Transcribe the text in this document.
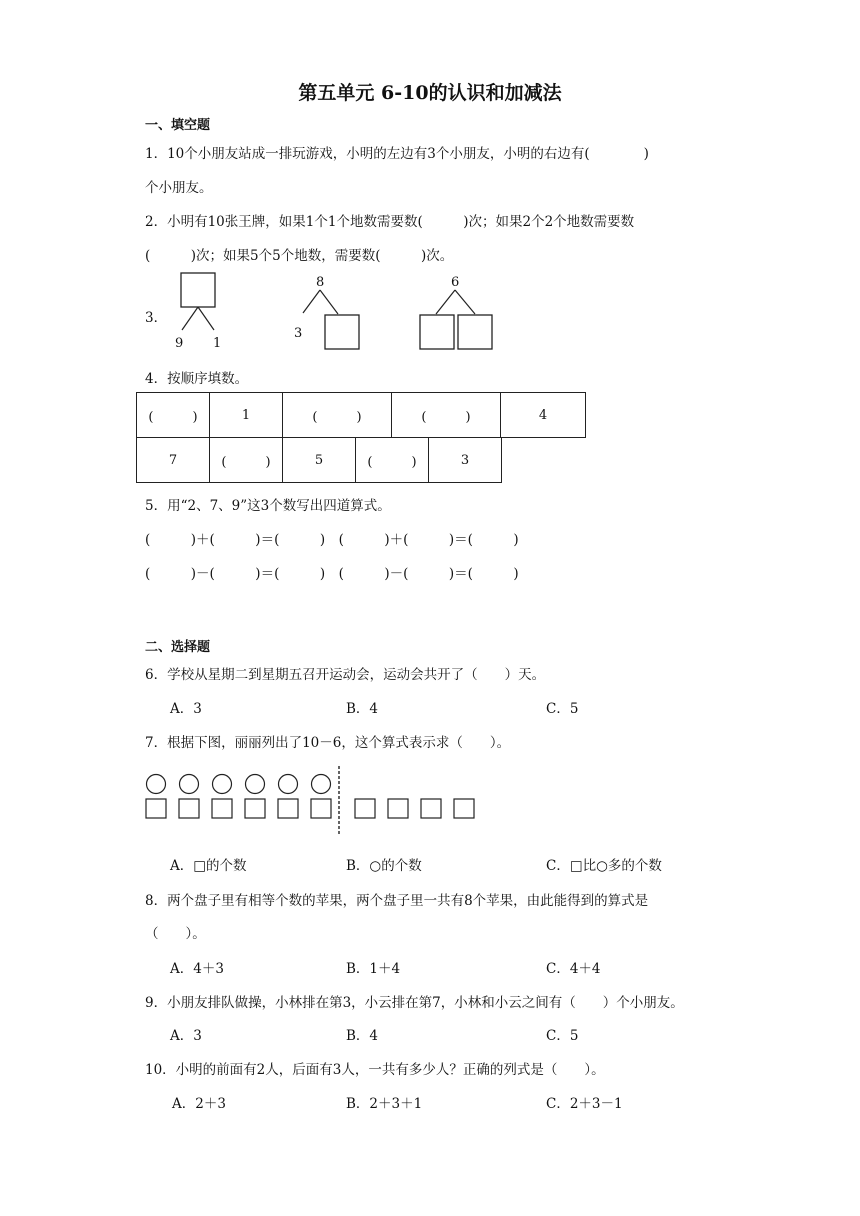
第五单元 6-10的认识和加减法
一、填空题
1．10个小朋友站成一排玩游戏，小明的左边有3个小朋友，小明的右边有(　　　　)
个小朋友。
2．小明有10张王牌，如果1个1个地数需要数(　　　)次；如果2个2个地数需要数
(　　　)次；如果5个5个地数，需要数(　　　)次。
3．
9 1
8
3
6
4．按顺序填数。
(　　　)	1	(　　　)	(　　　)	4
7	(　　　)	5	(　　　)	3
5．用“2、7、9”这3个数写出四道算式。
(　　　)＋(　　　)＝(　　　)　(　　　)＋(　　　)＝(　　　)
(　　　)－(　　　)＝(　　　)　(　　　)－(　　　)＝(　　　)
二、选择题
6．学校从星期二到星期五召开运动会，运动会共开了（　　）天。
A．3	B．4	C．5
7．根据下图，丽丽列出了10－6，这个算式表示求（　　）。
A．□的个数	B．○的个数	C．□比○多的个数
8．两个盘子里有相等个数的苹果，两个盘子里一共有8个苹果，由此能得到的算式是
（　　）。
A．4＋3	B．1＋4	C．4＋4
9．小朋友排队做操，小林排在第3，小云排在第7，小林和小云之间有（　　）个小朋友。
A．3	B．4	C．5
10．小明的前面有2人，后面有3人，一共有多少人？正确的列式是（　　）。
A．2＋3	B．2＋3＋1	C．2＋3－1
